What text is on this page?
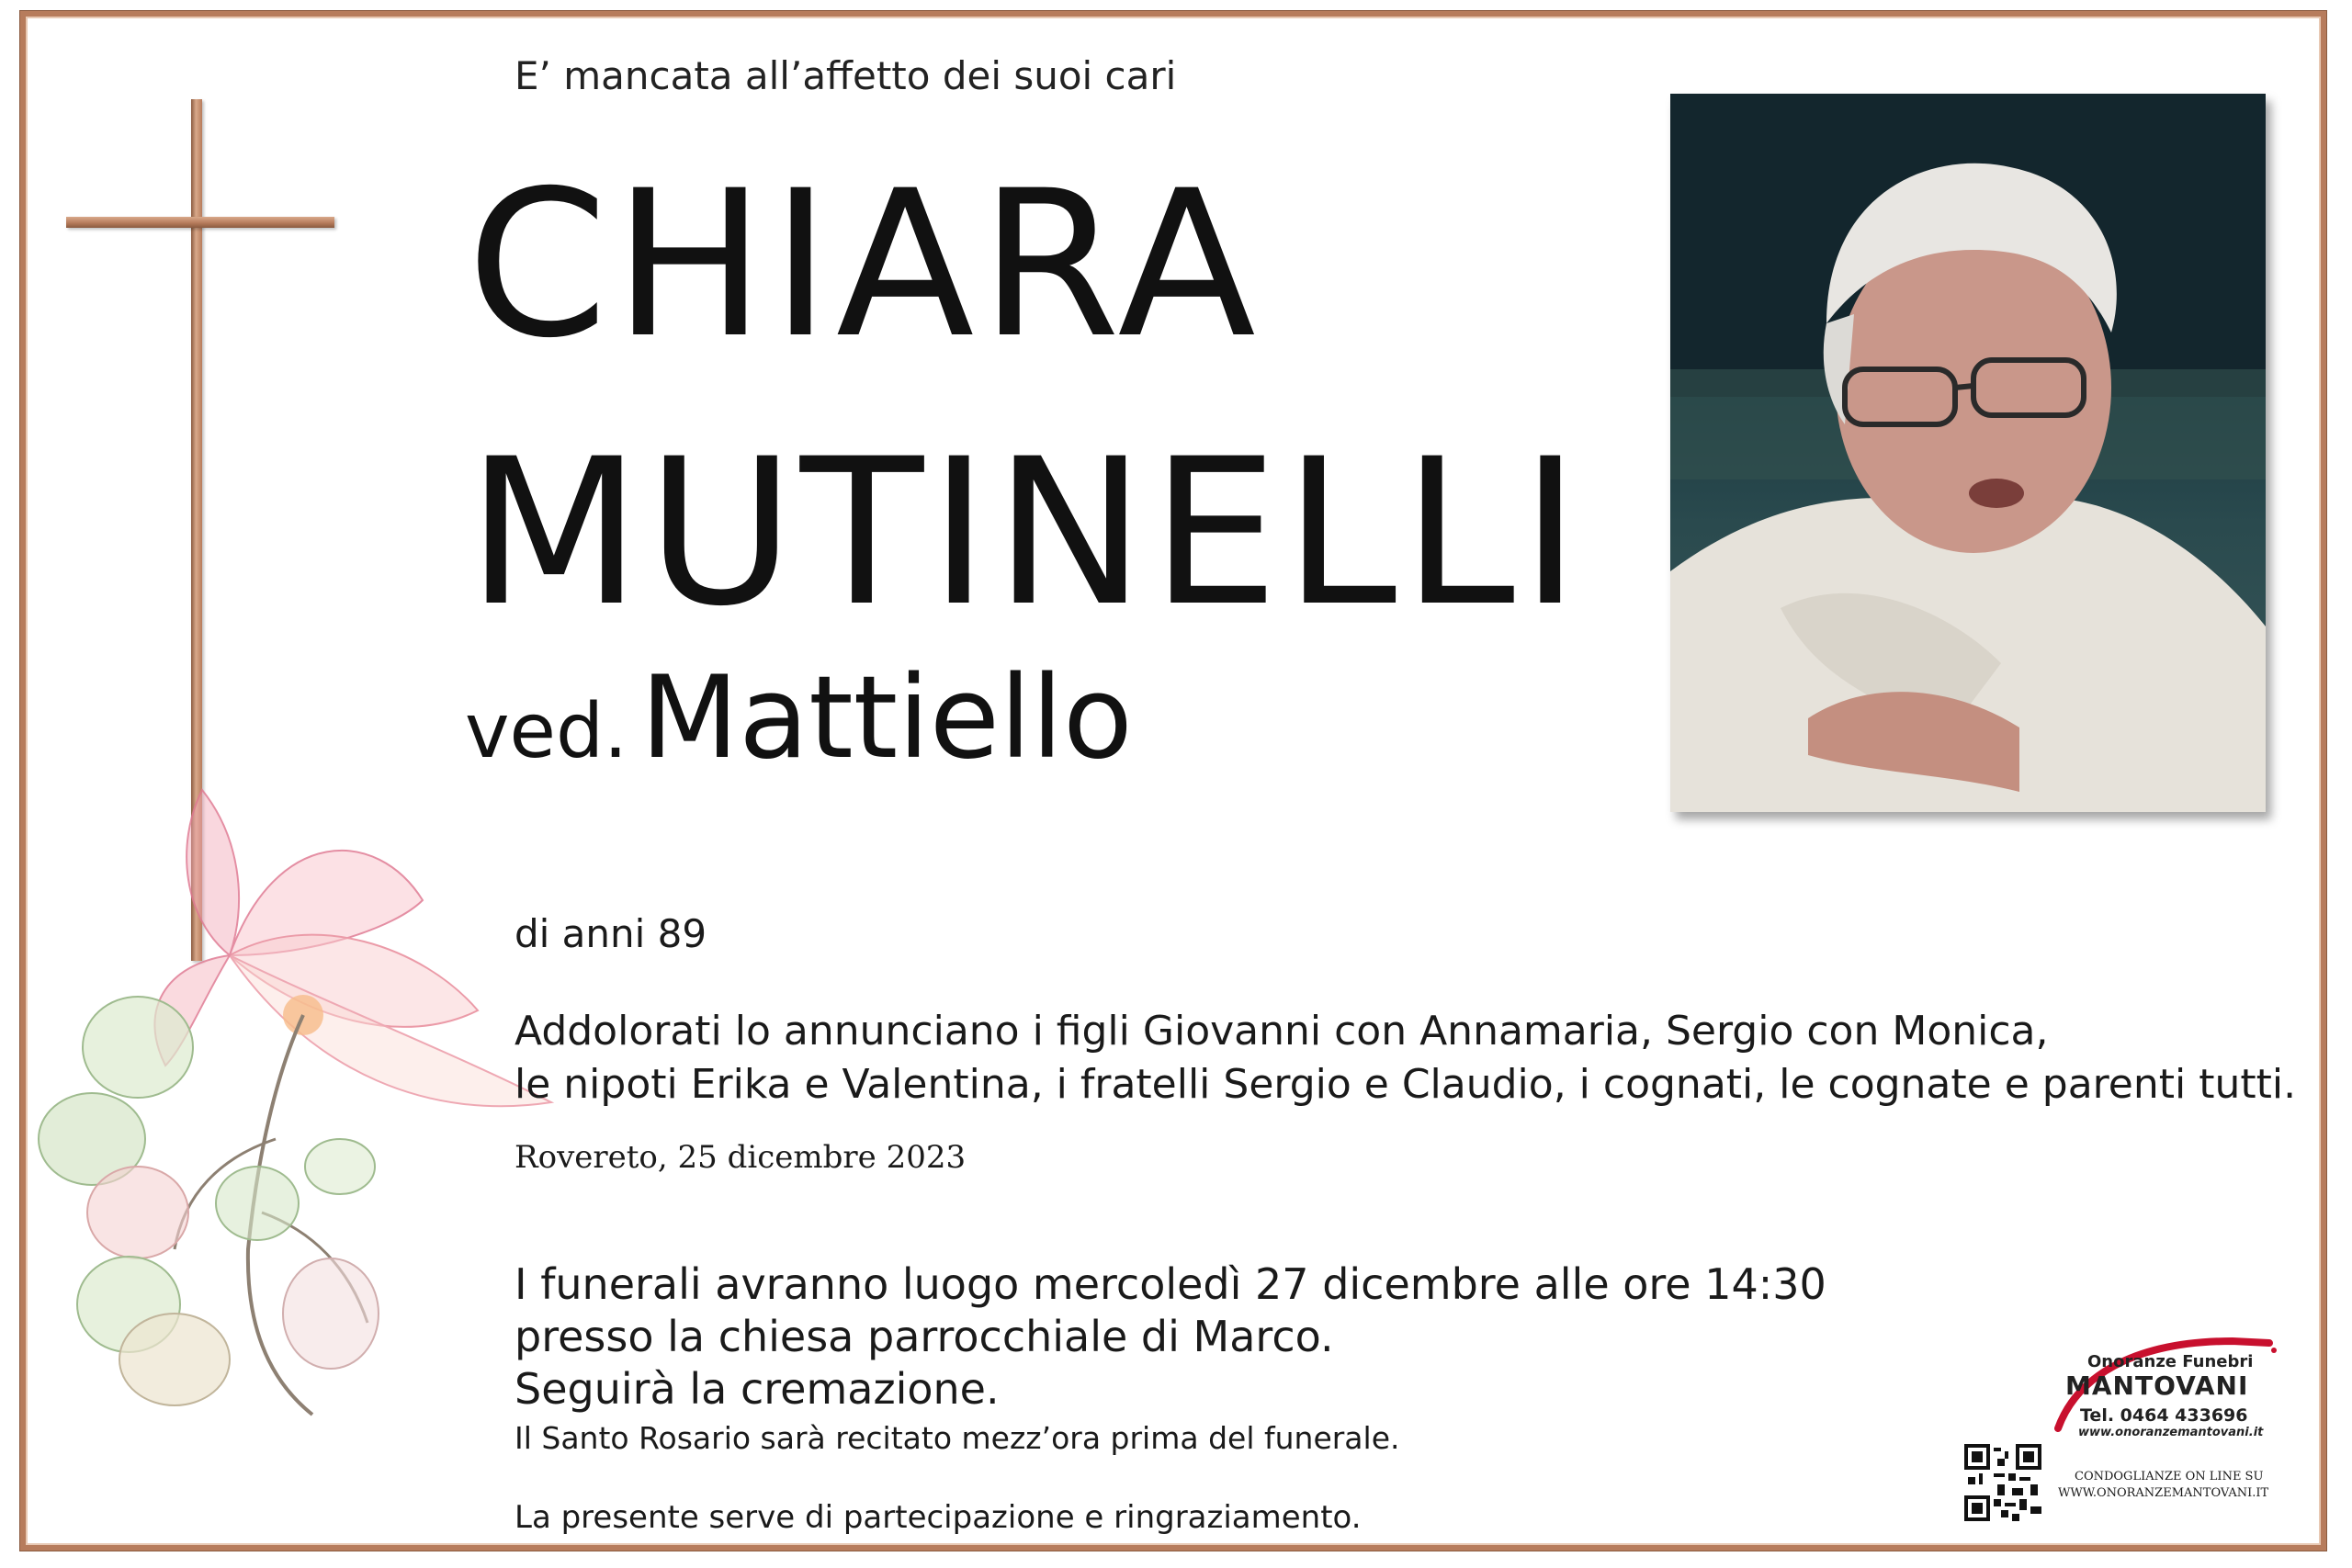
E’ mancata all’affetto dei suoi cari
CHIARA
MUTINELLI
ved. Mattiello
di anni 89
Addolorati lo annunciano i figli Giovanni con Annamaria, Sergio con Monica,
le nipoti Erika e Valentina, i fratelli Sergio e Claudio, i cognati, le cognate e parenti tutti.
Rovereto, 25 dicembre 2023
I funerali avranno luogo mercoledì 27 dicembre alle ore 14:30
presso la chiesa parrocchiale di Marco.
Seguirà la cremazione.
Il Santo Rosario sarà recitato mezz’ora prima del funerale.
La presente serve di partecipazione e ringraziamento.
Onoranze Funebri
MANTOVANI
Tel. 0464 433696
www.onoranzemantovani.it
CONDOGLIANZE ON LINE SU
WWW.ONORANZEMANTOVANI.IT
